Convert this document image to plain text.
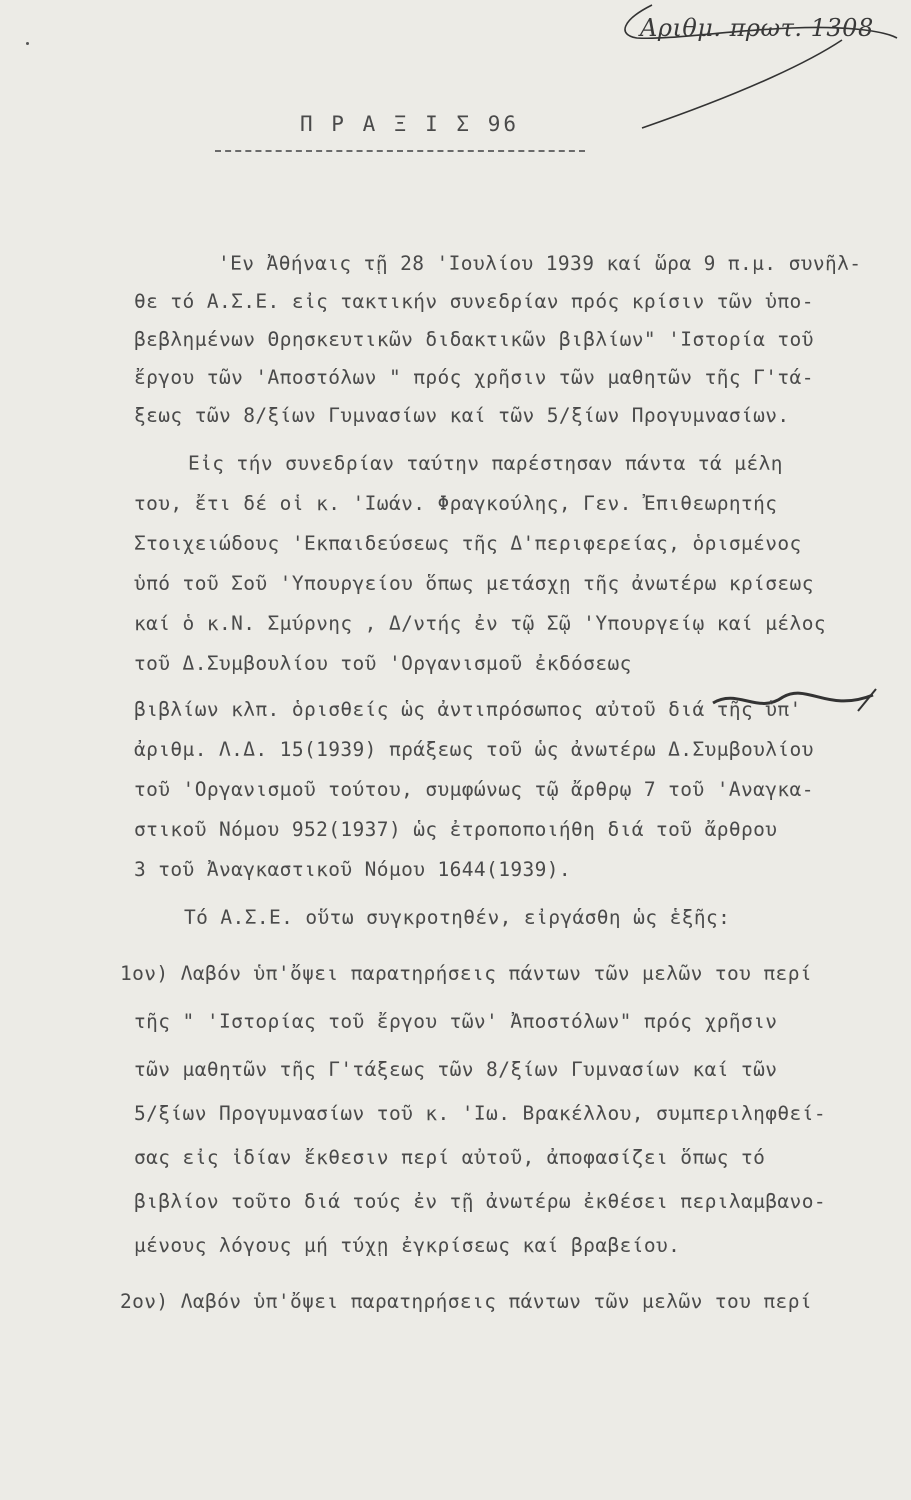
Αριθμ. πρωτ. 1308
Π Ρ Α Ξ Ι Σ 96
'Εν Ἀθήναις τῇ 28 'Ιουλίου 1939 καί ὥρα 9 π.μ. συνῆλ-
θε τό Α.Σ.Ε. εἰς τακτικήν συνεδρίαν πρός κρίσιν τῶν ὑπο-
βεβλημένων Θρησκευτικῶν διδακτικῶν βιβλίων" 'Ιστορία τοῦ
ἔργου τῶν 'Αποστόλων " πρός χρῆσιν τῶν μαθητῶν τῆς Γ'τά-
ξεως τῶν 8/ξίων Γυμνασίων καί τῶν 5/ξίων Προγυμνασίων.
Εἰς τήν συνεδρίαν ταύτην παρέστησαν πάντα τά μέλη
του, ἔτι δέ οἱ κ. 'Ιωάν. Φραγκούλης, Γεν. Ἐπιθεωρητής
Στοιχειώδους 'Εκπαιδεύσεως τῆς Δ'περιφερείας, ὁρισμένος
ὑπό τοῦ Σοῦ 'Υπουργείου ὅπως μετάσχῃ τῆς ἀνωτέρω κρίσεως
καί ὁ κ.Ν. Σμύρνης , Δ/ντής ἐν τῷ Σῷ 'Υπουργείῳ καί μέλος
τοῦ Δ.Συμβουλίου τοῦ 'Οργανισμοῦ ἐκδόσεως
βιβλίων κλπ. ὁρισθείς ὡς ἀντιπρόσωπος αὐτοῦ διά τῆς ὑπ'
ἀριθμ. Λ.Δ. 15(1939) πράξεως τοῦ ὡς ἀνωτέρω Δ.Συμβουλίου
τοῦ 'Οργανισμοῦ τούτου, συμφώνως τῷ ἄρθρῳ 7 τοῦ 'Αναγκα-
στικοῦ Νόμου 952(1937) ὡς ἐτροποποιήθη διά τοῦ ἄρθρου
3 τοῦ Ἀναγκαστικοῦ Νόμου 1644(1939).
Τό Α.Σ.Ε. οὕτω συγκροτηθέν, εἰργάσθη ὡς ἑξῆς:
1ον) Λαβόν ὑπ'ὄψει παρατηρήσεις πάντων τῶν μελῶν του περί
τῆς " 'Ιστορίας τοῦ ἔργου τῶν' Ἀποστόλων" πρός χρῆσιν
τῶν μαθητῶν τῆς Γ'τάξεως τῶν 8/ξίων Γυμνασίων καί τῶν
5/ξίων Προγυμνασίων τοῦ κ. 'Ιω. Βρακέλλου, συμπεριληφθεί-
σας εἰς ἰδίαν ἔκθεσιν περί αὐτοῦ, ἀποφασίζει ὅπως τό
βιβλίον τοῦτο διά τούς ἐν τῇ ἀνωτέρω ἐκθέσει περιλαμβανο-
μένους λόγους μή τύχῃ ἐγκρίσεως καί βραβείου.
2ον) Λαβόν ὑπ'ὄψει παρατηρήσεις πάντων τῶν μελῶν του περί
